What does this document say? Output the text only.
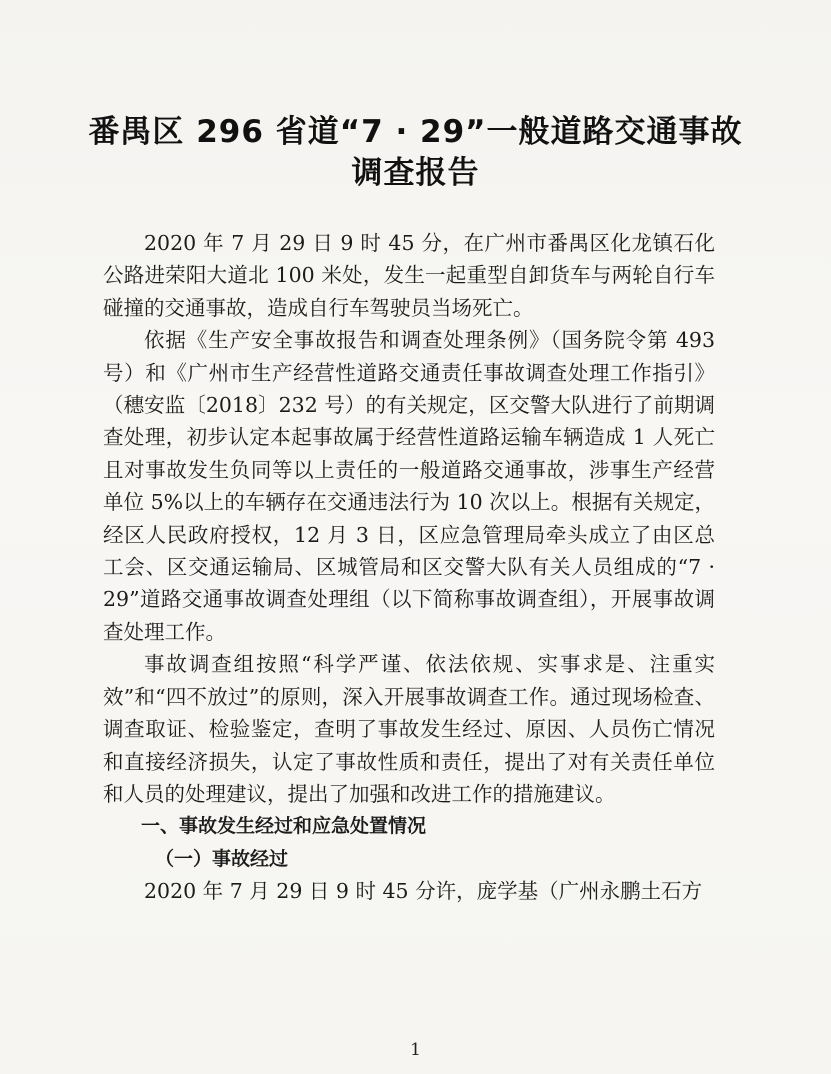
番禺区 296 省道“7 · 29”一般道路交通事故
调查报告

2020 年 7 月 29 日 9 时 45 分，在广州市番禺区化龙镇石化公路进荣阳大道北 100 米处，发生一起重型自卸货车与两轮自行车碰撞的交通事故，造成自行车驾驶员当场死亡。

依据《生产安全事故报告和调查处理条例》（国务院令第 493 号）和《广州市生产经营性道路交通责任事故调查处理工作指引》（穗安监〔2018〕232 号）的有关规定，区交警大队进行了前期调查处理，初步认定本起事故属于经营性道路运输车辆造成 1 人死亡且对事故发生负同等以上责任的一般道路交通事故，涉事生产经营单位 5%以上的车辆存在交通违法行为 10 次以上。根据有关规定，经区人民政府授权，12 月 3 日，区应急管理局牵头成立了由区总工会、区交通运输局、区城管局和区交警大队有关人员组成的“7 · 29”道路交通事故调查处理组（以下简称事故调查组），开展事故调查处理工作。

事故调查组按照“科学严谨、依法依规、实事求是、注重实效”和“四不放过”的原则，深入开展事故调查工作。通过现场检查、调查取证、检验鉴定，查明了事故发生经过、原因、人员伤亡情况和直接经济损失，认定了事故性质和责任，提出了对有关责任单位和人员的处理建议，提出了加强和改进工作的措施建议。

一、事故发生经过和应急处置情况
（一）事故经过

2020 年 7 月 29 日 9 时 45 分许，庞学基（广州永鹏土石方

1
